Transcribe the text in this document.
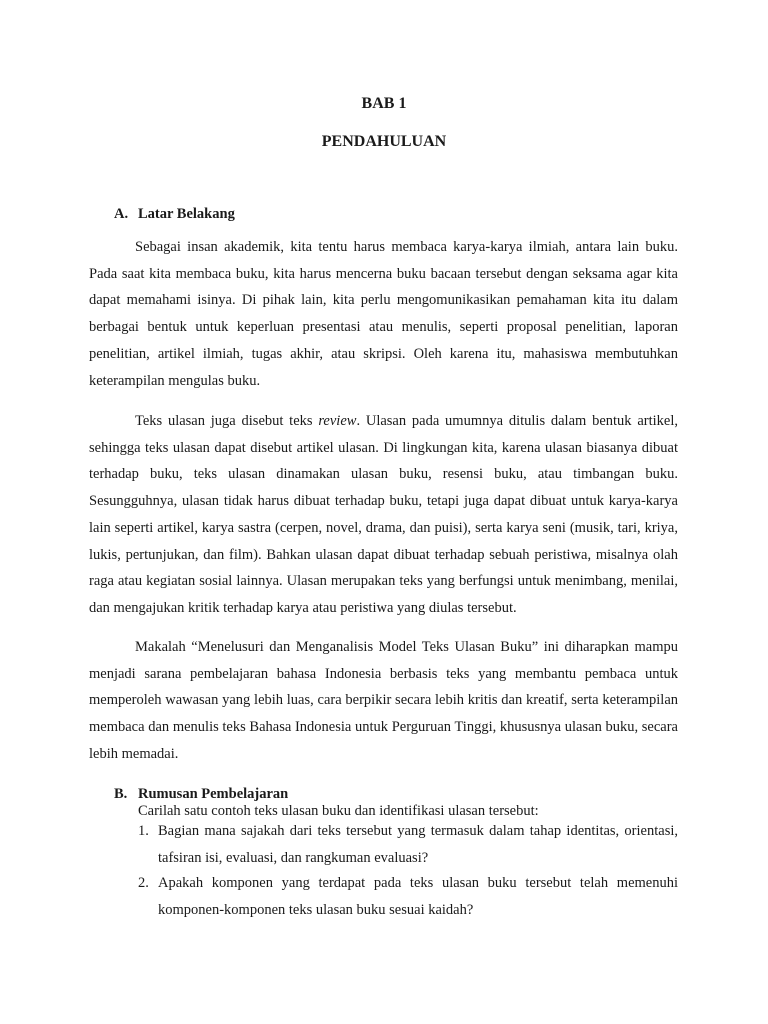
BAB 1
PENDAHULUAN
A. Latar Belakang

Sebagai insan akademik, kita tentu harus membaca karya-karya ilmiah, antara lain buku. Pada saat kita membaca buku, kita harus mencerna buku bacaan tersebut dengan seksama agar kita dapat memahami isinya. Di pihak lain, kita perlu mengomunikasikan pemahaman kita itu dalam berbagai bentuk untuk keperluan presentasi atau menulis, seperti proposal penelitian, laporan penelitian, artikel ilmiah, tugas akhir, atau skripsi. Oleh karena itu, mahasiswa membutuhkan keterampilan mengulas buku.

Teks ulasan juga disebut teks review. Ulasan pada umumnya ditulis dalam bentuk artikel, sehingga teks ulasan dapat disebut artikel ulasan. Di lingkungan kita, karena ulasan biasanya dibuat terhadap buku, teks ulasan dinamakan ulasan buku, resensi buku, atau timbangan buku. Sesungguhnya, ulasan tidak harus dibuat terhadap buku, tetapi juga dapat dibuat untuk karya-karya lain seperti artikel, karya sastra (cerpen, novel, drama, dan puisi), serta karya seni (musik, tari, kriya, lukis, pertunjukan, dan film). Bahkan ulasan dapat dibuat terhadap sebuah peristiwa, misalnya olah raga atau kegiatan sosial lainnya. Ulasan merupakan teks yang berfungsi untuk menimbang, menilai, dan mengajukan kritik terhadap karya atau peristiwa yang diulas tersebut.

Makalah “Menelusuri dan Menganalisis Model Teks Ulasan Buku” ini diharapkan mampu menjadi sarana pembelajaran bahasa Indonesia berbasis teks yang membantu pembaca untuk memperoleh wawasan yang lebih luas, cara berpikir secara lebih kritis dan kreatif, serta keterampilan membaca dan menulis teks Bahasa Indonesia untuk Perguruan Tinggi, khususnya ulasan buku, secara lebih memadai.

B. Rumusan Pembelajaran

Carilah satu contoh teks ulasan buku dan identifikasi ulasan tersebut:

1. Bagian mana sajakah dari teks tersebut yang termasuk dalam tahap identitas, orientasi, tafsiran isi, evaluasi, dan rangkuman evaluasi?
2. Apakah komponen yang terdapat pada teks ulasan buku tersebut telah memenuhi komponen-komponen teks ulasan buku sesuai kaidah?
